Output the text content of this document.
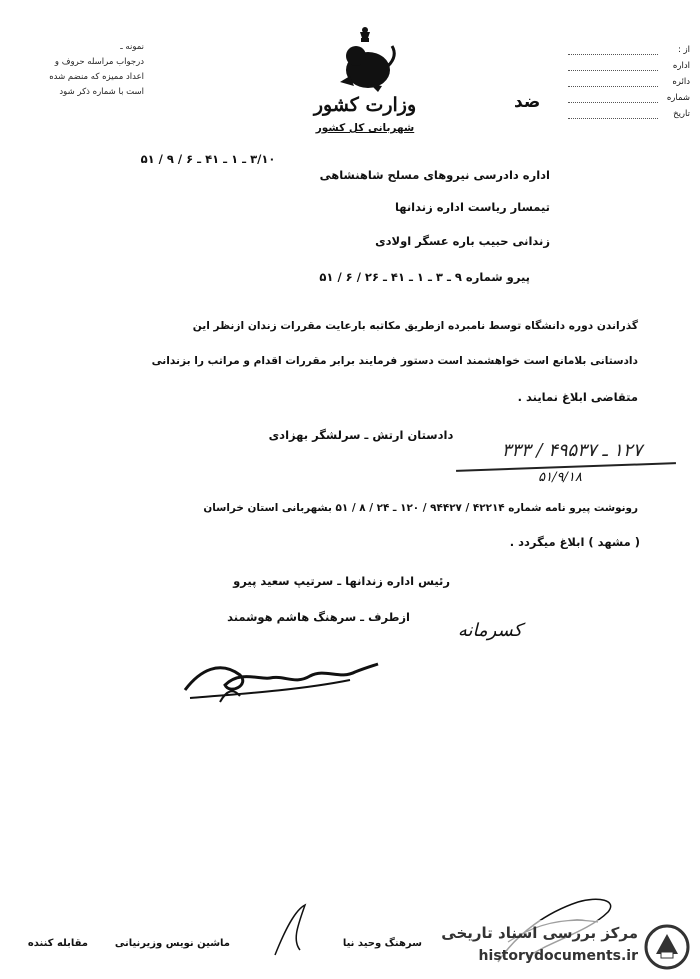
نمونه ـ
درجواب مراسله حروف و
اعداد ممیزه که منضم شده
است با شماره ذکر شود
وزارت کشور
شهربانی کل کشور
از :
اداره
دائره
شماره
تاریخ
ضد
۳/۱۰ ـ ۱ ـ ۴۱ ـ ۶ / ۹ / ۵۱
اداره دادرسی نیروهای مسلح شاهنشاهی
تیمسار ریاست اداره زندانها
زندانی حبیب باره عسگر اولادی
پیرو شماره ۹ ـ ۳ ـ ۱ ـ ۴۱ ـ ۲۶ / ۶ / ۵۱
گذراندن دوره دانشگاه توسط نامبرده ازطریق مکاتبه بارعایت مقررات زندان ازنظر این
دادستانی بلامانع است خواهشمند است دستور فرمایند برابر مقررات اقدام و مراتب را بزندانی
متقاضی ابلاغ نمایند .
دادستان ارتش ـ سرلشگر بهزادی
۱۲۷ ـ ۴۹۵۳۷ / ۳۳۳
۵۱/۹/۱۸
رونوشت پیرو نامه شماره ۴۲۲۱۴ / ۹۴۴۲۷ / ۱۲۰ ـ ۲۴ / ۸ / ۵۱ بشهربانی استان خراسان
( مشهد ) ابلاغ میگردد .
رئیس اداره زندانها ـ سرتیپ سعید پیرو
ازطرف ـ سرهنگ هاشم هوشمند
کسرمانه
مقابله کننده	ماشین نویس وزیرنیانی	سرهنگ وحید نیا
مرکز بررسی اسناد تاریخی
historydocuments.ir
